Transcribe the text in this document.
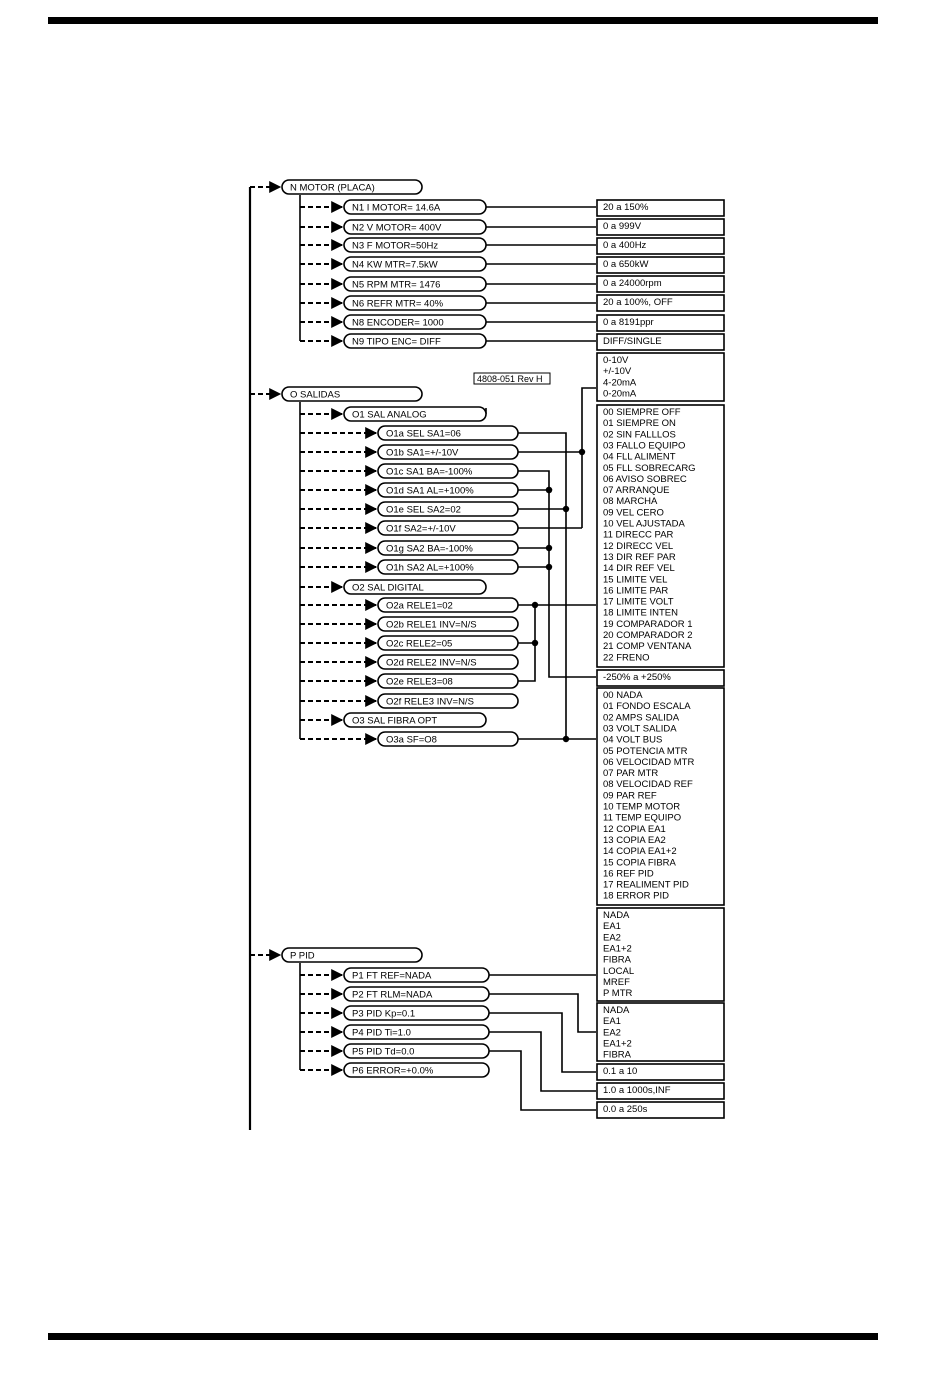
N MOTOR (PLACA)
O SALIDAS
P PID
N1 I MOTOR= 14.6A
N2 V MOTOR= 400V
N3 F MOTOR=50Hz
N4 KW MTR=7.5kW
N5 RPM MTR= 1476
N6 REFR MTR= 40%
N8 ENCODER= 1000
N9 TIPO ENC= DIFF
O1 SAL ANALOG
O1a SEL SA1=06
O1b SA1=+/-10V
O1c SA1 BA=-100%
O1d SA1 AL=+100%
O1e SEL SA2=02
O1f SA2=+/-10V
O1g SA2 BA=-100%
O1h SA2 AL=+100%
O2 SAL DIGITAL
O2a RELE1=02
O2b RELE1 INV=N/S
O2c RELE2=05
O2d RELE2 INV=N/S
O2e RELE3=08
O2f RELE3 INV=N/S
O3 SAL FIBRA OPT
O3a SF=O8
P1 FT REF=NADA
P2 FT RLM=NADA
P3 PID Kp=0.1
P4 PID Ti=1.0
P5 PID Td=0.0
P6 ERROR=+0.0%
4808-051 Rev H
20 a 150%
0 a 999V
0 a 400Hz
0 a 650kW
0 a 24000rpm
20 a 100%, OFF
0 a 8191ppr
DIFF/SINGLE
0-10V
+/-10V
4-20mA
0-20mA
00 SIEMPRE OFF
01 SIEMPRE ON
02 SIN FALLLOS
03 FALLO EQUIPO
04 FLL ALIMENT
05 FLL SOBRECARG
06 AVISO SOBREC
07 ARRANQUE
08 MARCHA
09 VEL CERO
10 VEL AJUSTADA
11 DIRECC PAR
12 DIRECC VEL
13 DIR REF PAR
14 DIR REF VEL
15 LIMITE VEL
16 LIMITE PAR
17 LIMITE VOLT
18 LIMITE INTEN
19 COMPARADOR 1
20 COMPARADOR 2
21 COMP VENTANA
22 FRENO
-250% a +250%
00 NADA
01 FONDO ESCALA
02 AMPS SALIDA
03 VOLT SALIDA
04 VOLT BUS
05 POTENCIA MTR
06 VELOCIDAD MTR
07 PAR MTR
08 VELOCIDAD REF
09 PAR REF
10 TEMP MOTOR
11 TEMP EQUIPO
12 COPIA EA1
13 COPIA EA2
14 COPIA EA1+2
15 COPIA FIBRA
16 REF PID
17 REALIMENT PID
18 ERROR PID
NADA
EA1
EA2
EA1+2
FIBRA
LOCAL
MREF
P MTR
NADA
EA1
EA2
EA1+2
FIBRA
0.1 a 10
1.0 a 1000s,INF
0.0 a 250s
